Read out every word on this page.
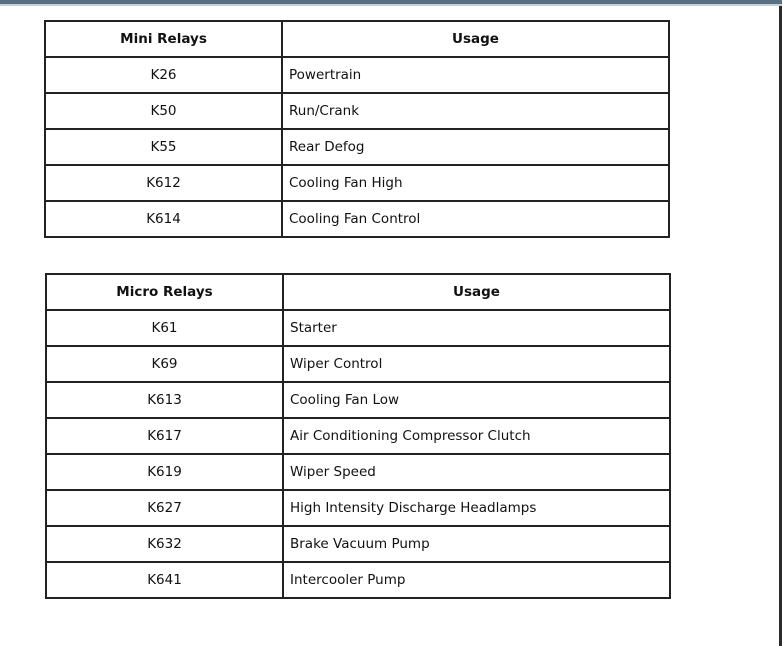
Mini Relays	Usage
K26	Powertrain
K50	Run/Crank
K55	Rear Defog
K612	Cooling Fan High
K614	Cooling Fan Control
Micro Relays	Usage
K61	Starter
K69	Wiper Control
K613	Cooling Fan Low
K617	Air Conditioning Compressor Clutch
K619	Wiper Speed
K627	High Intensity Discharge Headlamps
K632	Brake Vacuum Pump
K641	Intercooler Pump
